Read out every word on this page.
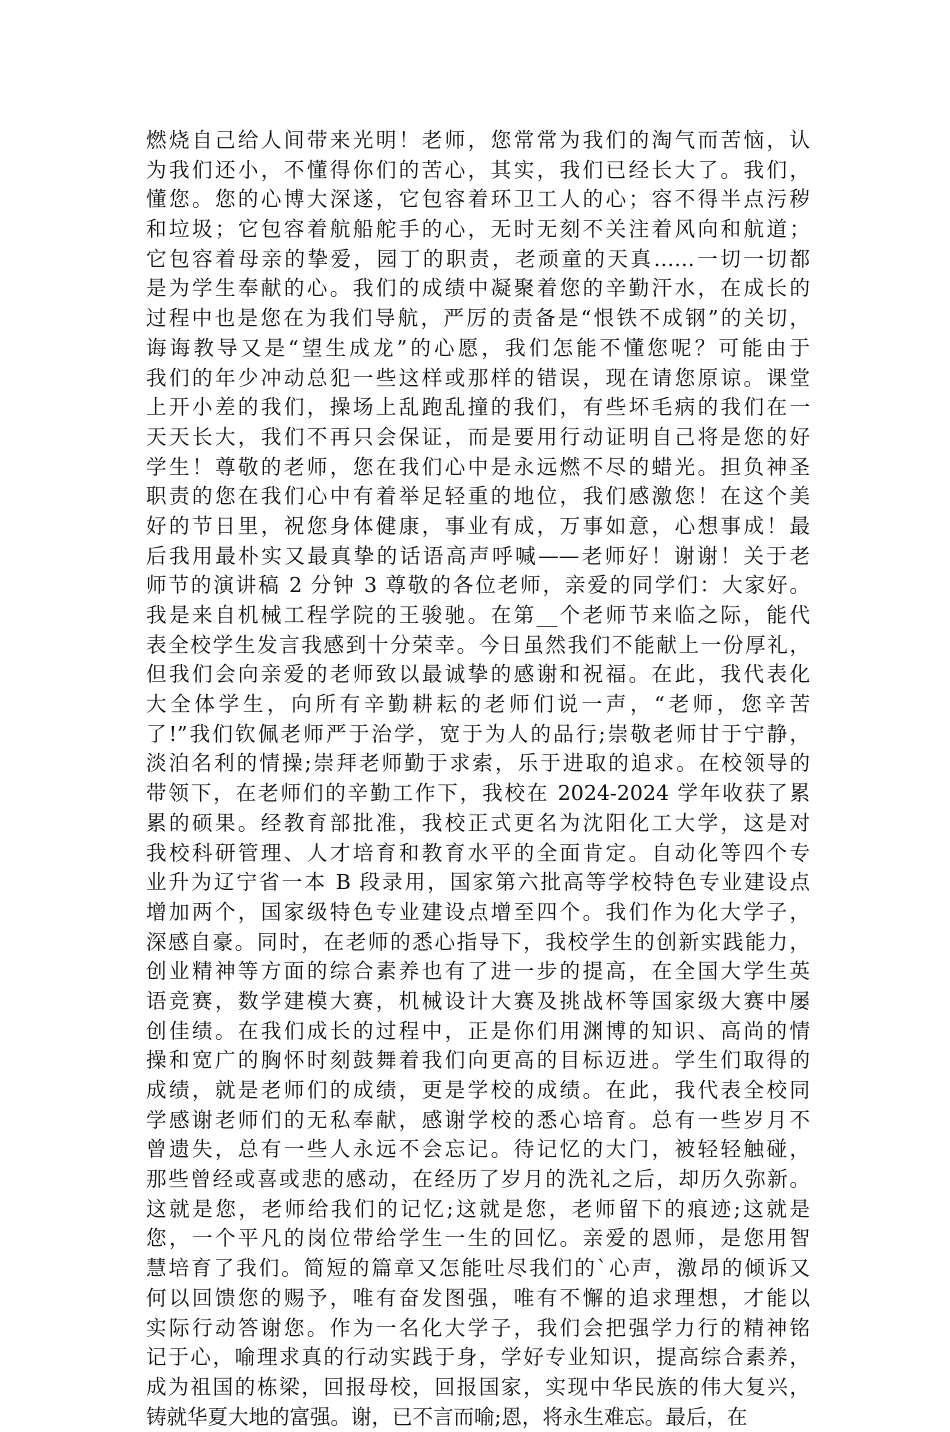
燃烧自己给人间带来光明！老师，您常常为我们的淘气而苦恼，认
为我们还小，不懂得你们的苦心，其实，我们已经长大了。我们，
懂您。您的心博大深遂，它包容着环卫工人的心；容不得半点污秽
和垃圾；它包容着航船舵手的心，无时无刻不关注着风向和航道；
它包容着母亲的挚爱，园丁的职责，老顽童的天真……一切一切都
是为学生奉献的心。我们的成绩中凝聚着您的辛勤汗水，在成长的
过程中也是您在为我们导航，严厉的责备是“恨铁不成钢”的关切，
诲诲教导又是“望生成龙”的心愿，我们怎能不懂您呢？可能由于
我们的年少冲动总犯一些这样或那样的错误，现在请您原谅。课堂
上开小差的我们，操场上乱跑乱撞的我们，有些坏毛病的我们在一
天天长大，我们不再只会保证，而是要用行动证明自己将是您的好
学生！尊敬的老师，您在我们心中是永远燃不尽的蜡光。担负神圣
职责的您在我们心中有着举足轻重的地位，我们感激您！在这个美
好的节日里，祝您身体健康，事业有成，万事如意，心想事成！最
后我用最朴实又最真挚的话语高声呼喊——老师好！谢谢！关于老
师节的演讲稿 2 分钟 3 尊敬的各位老师，亲爱的同学们：大家好。
我是来自机械工程学院的王骏驰。在第__个老师节来临之际，能代
表全校学生发言我感到十分荣幸。今日虽然我们不能献上一份厚礼，
但我们会向亲爱的老师致以最诚挚的感谢和祝福。在此，我代表化
大全体学生，向所有辛勤耕耘的老师们说一声，“老师，您辛苦
了!”我们钦佩老师严于治学，宽于为人的品行;崇敬老师甘于宁静，
淡泊名利的情操;崇拜老师勤于求索，乐于进取的追求。在校领导的
带领下，在老师们的辛勤工作下，我校在 2024-2024 学年收获了累
累的硕果。经教育部批准，我校正式更名为沈阳化工大学，这是对
我校科研管理、人才培育和教育水平的全面肯定。自动化等四个专
业升为辽宁省一本 B 段录用，国家第六批高等学校特色专业建设点
增加两个，国家级特色专业建设点增至四个。我们作为化大学子，
深感自豪。同时，在老师的悉心指导下，我校学生的创新实践能力，
创业精神等方面的综合素养也有了进一步的提高，在全国大学生英
语竞赛，数学建模大赛，机械设计大赛及挑战杯等国家级大赛中屡
创佳绩。在我们成长的过程中，正是你们用渊博的知识、高尚的情
操和宽广的胸怀时刻鼓舞着我们向更高的目标迈进。学生们取得的
成绩，就是老师们的成绩，更是学校的成绩。在此，我代表全校同
学感谢老师们的无私奉献，感谢学校的悉心培育。总有一些岁月不
曾遗失，总有一些人永远不会忘记。待记忆的大门，被轻轻触碰，
那些曾经或喜或悲的感动，在经历了岁月的洗礼之后，却历久弥新。
这就是您，老师给我们的记忆;这就是您，老师留下的痕迹;这就是
您，一个平凡的岗位带给学生一生的回忆。亲爱的恩师，是您用智
慧培育了我们。简短的篇章又怎能吐尽我们的`心声，激昂的倾诉又
何以回馈您的赐予，唯有奋发图强，唯有不懈的追求理想，才能以
实际行动答谢您。作为一名化大学子，我们会把强学力行的精神铭
记于心，喻理求真的行动实践于身，学好专业知识，提高综合素养，
成为祖国的栋梁，回报母校，回报国家，实现中华民族的伟大复兴，
铸就华夏大地的富强。谢，已不言而喻;恩，将永生难忘。最后，在
